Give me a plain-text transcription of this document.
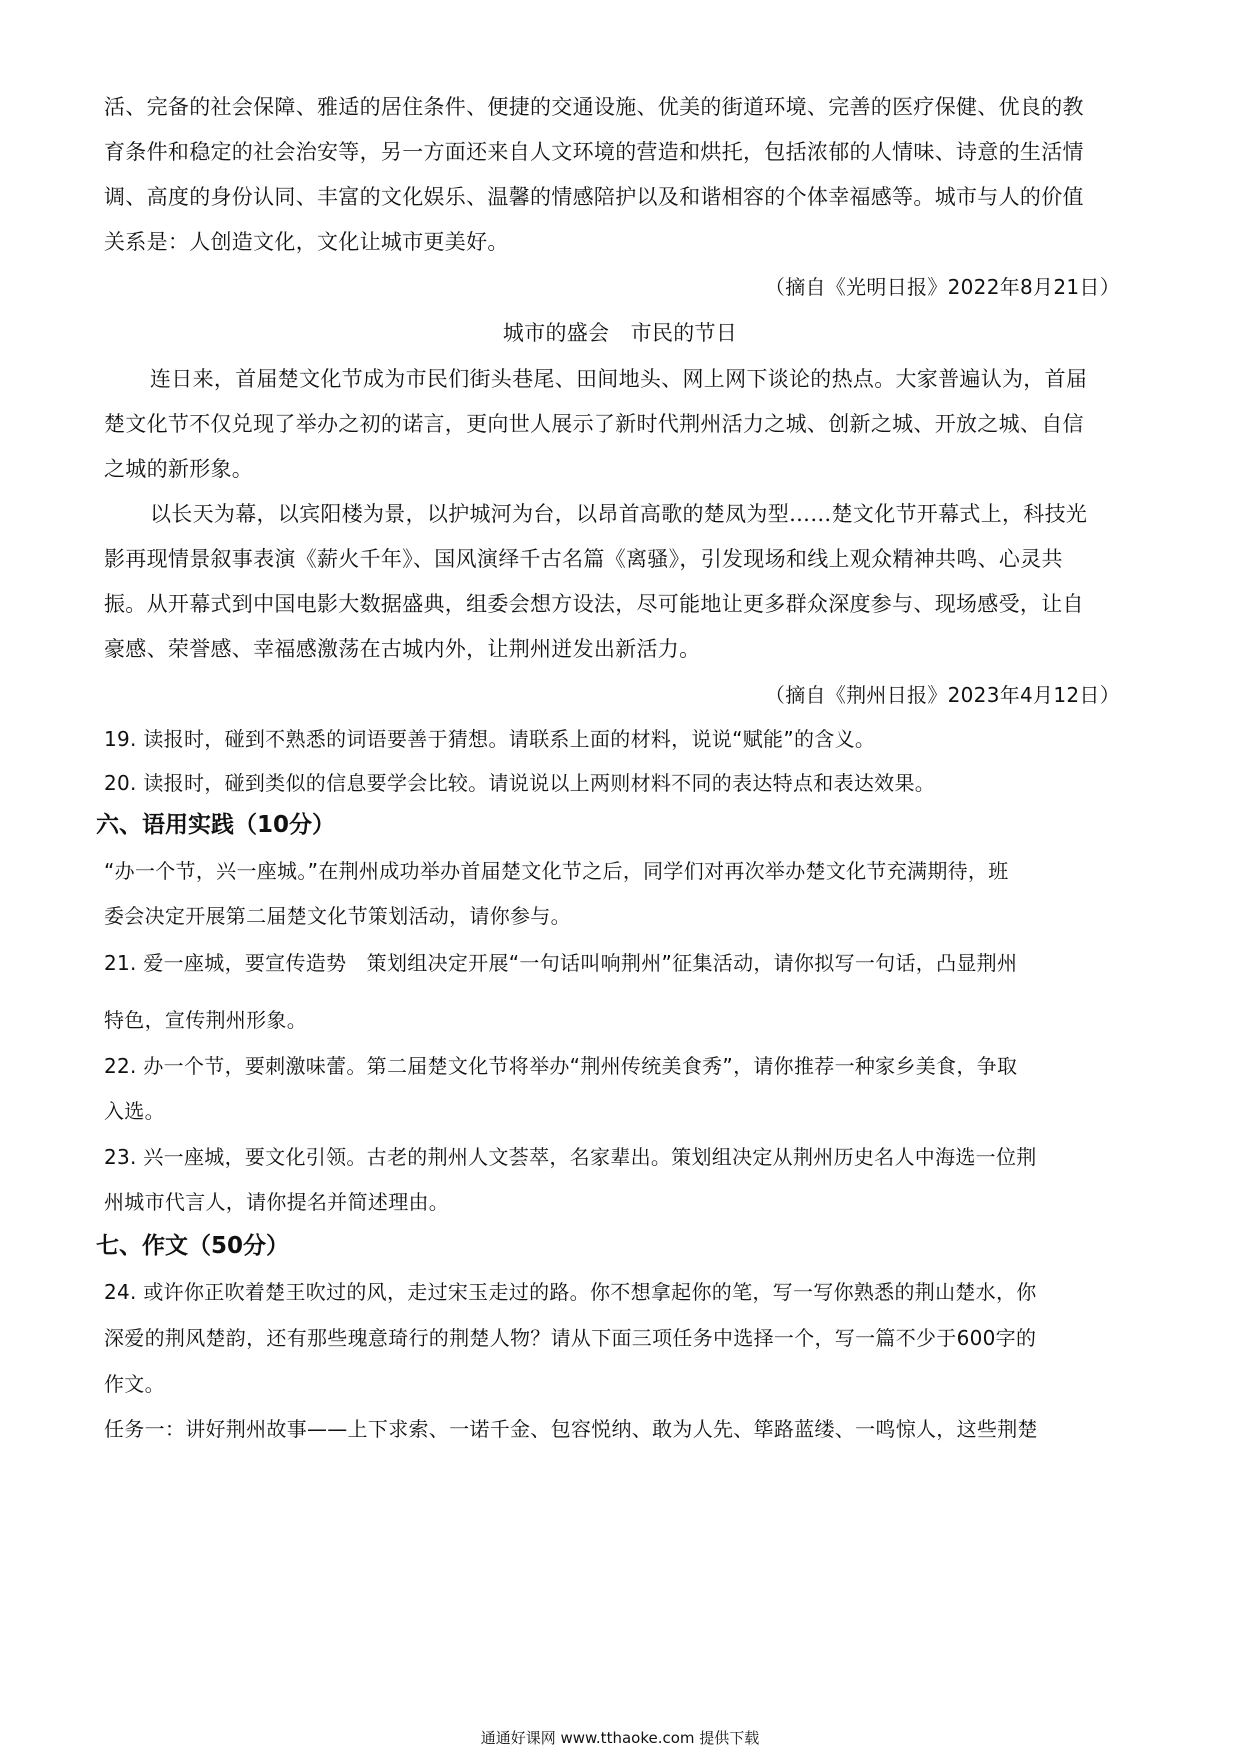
活、完备的社会保障、雅适的居住条件、便捷的交通设施、优美的街道环境、完善的医疗保健、优良的教
育条件和稳定的社会治安等，另一方面还来自人文环境的营造和烘托，包括浓郁的人情味、诗意的生活情
调、高度的身份认同、丰富的文化娱乐、温馨的情感陪护以及和谐相容的个体幸福感等。城市与人的价值
关系是：人创造文化，文化让城市更美好。
（摘自《光明日报》2022年8月21日）
城市的盛会　市民的节日
连日来，首届楚文化节成为市民们街头巷尾、田间地头、网上网下谈论的热点。大家普遍认为，首届
楚文化节不仅兑现了举办之初的诺言，更向世人展示了新时代荆州活力之城、创新之城、开放之城、自信
之城的新形象。
以长天为幕，以宾阳楼为景，以护城河为台，以昂首高歌的楚凤为型……楚文化节开幕式上，科技光
影再现情景叙事表演《薪火千年》、国风演绎千古名篇《离骚》，引发现场和线上观众精神共鸣、心灵共
振。从开幕式到中国电影大数据盛典，组委会想方设法，尽可能地让更多群众深度参与、现场感受，让自
豪感、荣誉感、幸福感激荡在古城内外，让荆州迸发出新活力。
（摘自《荆州日报》2023年4月12日）
19. 读报时，碰到不熟悉的词语要善于猜想。请联系上面的材料，说说“赋能”的含义。
20. 读报时，碰到类似的信息要学会比较。请说说以上两则材料不同的表达特点和表达效果。
六、语用实践（10分）
“办一个节，兴一座城。”在荆州成功举办首届楚文化节之后，同学们对再次举办楚文化节充满期待，班
委会决定开展第二届楚文化节策划活动，请你参与。
21. 爱一座城，要宣传造势　策划组决定开展“一句话叫响荆州”征集活动，请你拟写一句话，凸显荆州
特色，宣传荆州形象。
22. 办一个节，要刺激味蕾。第二届楚文化节将举办“荆州传统美食秀”，请你推荐一种家乡美食，争取
入选。
23. 兴一座城，要文化引领。古老的荆州人文荟萃，名家辈出。策划组决定从荆州历史名人中海选一位荆
州城市代言人，请你提名并简述理由。
七、作文（50分）
24. 或许你正吹着楚王吹过的风，走过宋玉走过的路。你不想拿起你的笔，写一写你熟悉的荆山楚水，你
深爱的荆风楚韵，还有那些瑰意琦行的荆楚人物？请从下面三项任务中选择一个，写一篇不少于600字的
作文。
任务一：讲好荆州故事——上下求索、一诺千金、包容悦纳、敢为人先、筚路蓝缕、一鸣惊人，这些荆楚
通通好课网 www.tthaoke.com 提供下载
